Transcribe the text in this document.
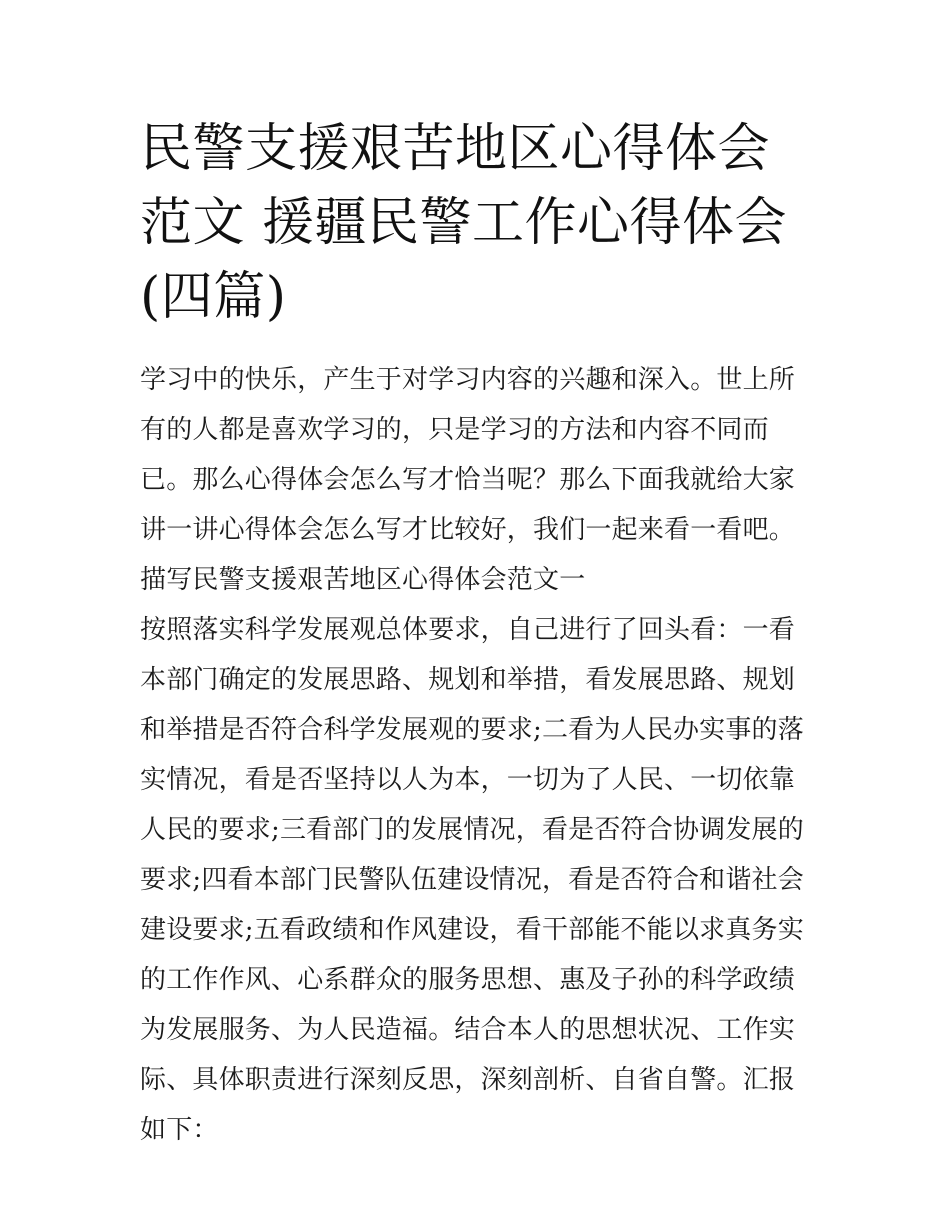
民警支援艰苦地区心得体会范文 援疆民警工作心得体会(四篇)

学习中的快乐，产生于对学习内容的兴趣和深入。世上所有的人都是喜欢学习的，只是学习的方法和内容不同而已。那么心得体会怎么写才恰当呢？那么下面我就给大家讲一讲心得体会怎么写才比较好，我们一起来看一看吧。

描写民警支援艰苦地区心得体会范文一

按照落实科学发展观总体要求，自己进行了回头看：一看本部门确定的发展思路、规划和举措，看发展思路、规划和举措是否符合科学发展观的要求;二看为人民办实事的落实情况，看是否坚持以人为本，一切为了人民、一切依靠人民的要求;三看部门的发展情况，看是否符合协调发展的要求;四看本部门民警队伍建设情况，看是否符合和谐社会建设要求;五看政绩和作风建设，看干部能不能以求真务实的工作作风、心系群众的服务思想、惠及子孙的科学政绩为发展服务、为人民造福。结合本人的思想状况、工作实际、具体职责进行深刻反思，深刻剖析、自省自警。汇报如下：
